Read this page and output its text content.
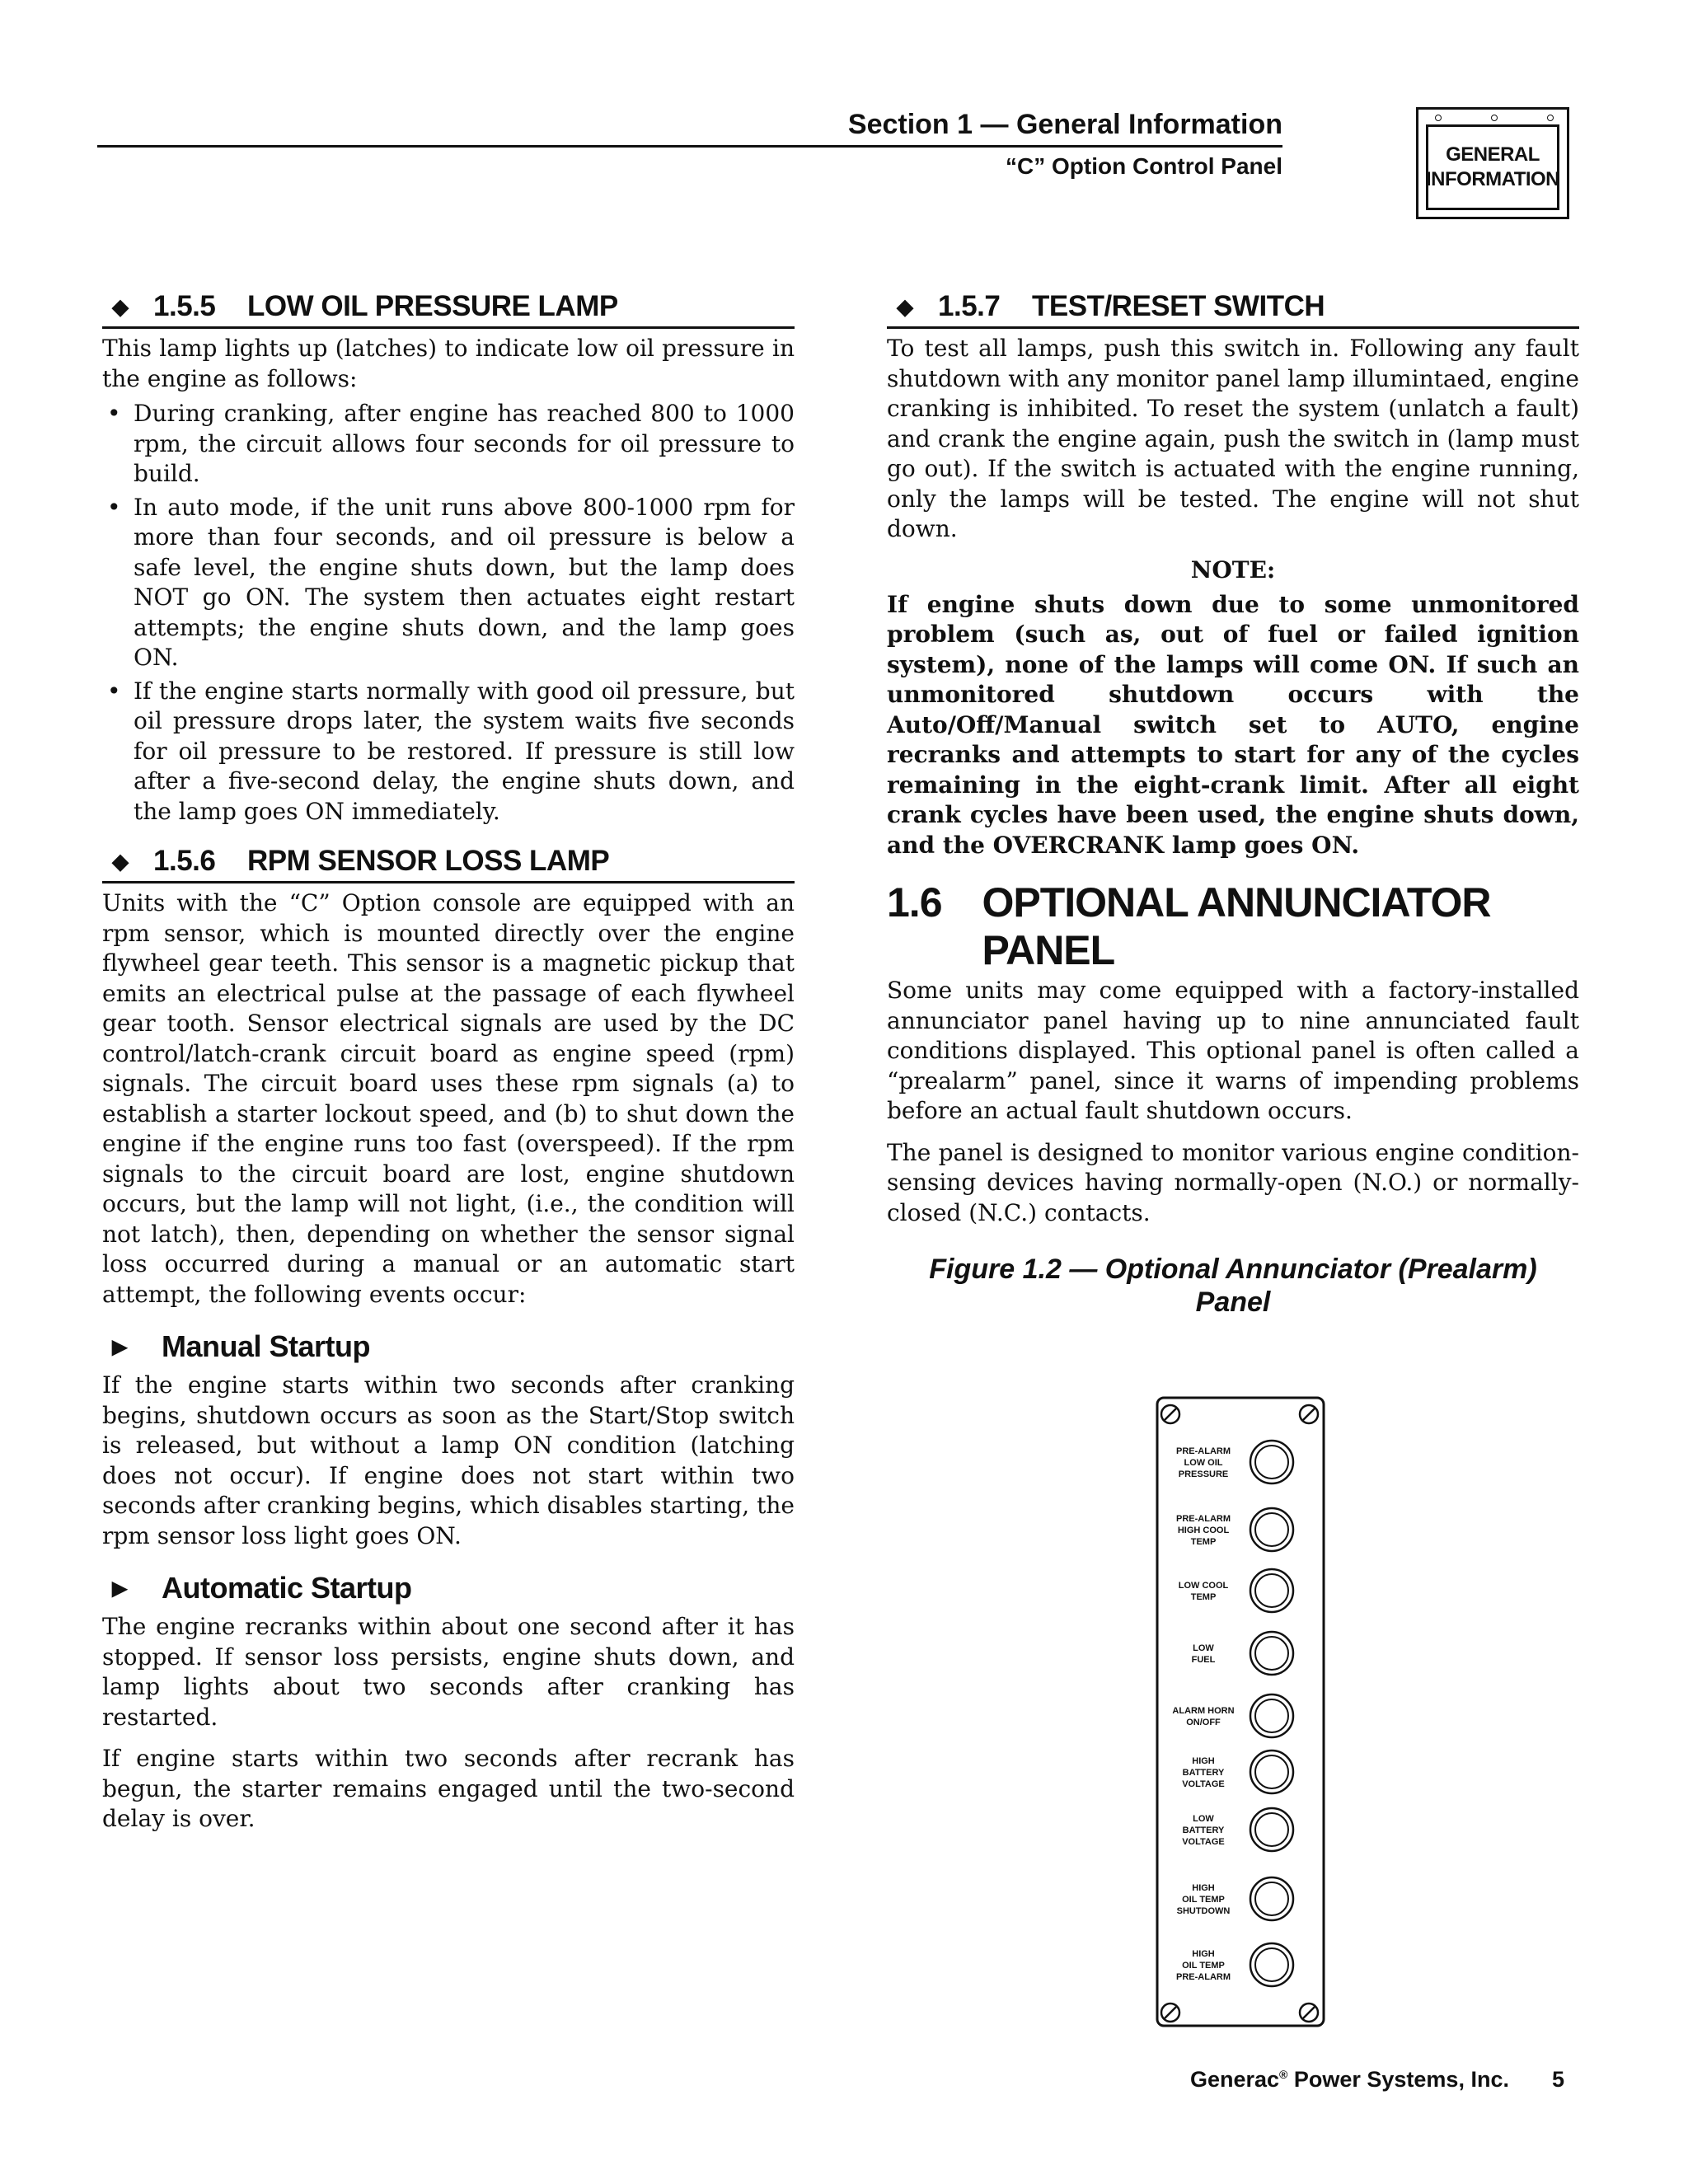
Section 1 — General Information
“C” Option Control Panel	GENERAL
INFORMATION
◆ 1.5.5	LOW OIL PRESSURE LAMP

This lamp lights up (latches) to indicate low oil pressure in the engine as follows:

• During cranking, after engine has reached 800 to 1000 rpm, the circuit allows four seconds for oil pressure to build.
• In auto mode, if the unit runs above 800-1000 rpm for more than four seconds, and oil pressure is below a safe level, the engine shuts down, but the lamp does NOT go ON. The system then actuates eight restart attempts; the engine shuts down, and the lamp goes ON.
• If the engine starts normally with good oil pressure, but oil pressure drops later, the system waits five seconds for oil pressure to be restored. If pressure is still low after a five-second delay, the engine shuts down, and the lamp goes ON immediately.
◆ 1.5.6	RPM SENSOR LOSS LAMP

Units with the “C” Option console are equipped with an rpm sensor, which is mounted directly over the engine flywheel gear teeth. This sensor is a magnetic pickup that emits an electrical pulse at the passage of each flywheel gear tooth. Sensor electrical signals are used by the DC control/latch-crank circuit board as engine speed (rpm) signals. The circuit board uses these rpm signals (a) to establish a starter lockout speed, and (b) to shut down the engine if the engine runs too fast (overspeed). If the rpm signals to the circuit board are lost, engine shutdown occurs, but the lamp will not light, (i.e., the condition will not latch), then, depending on whether the sensor signal loss occurred during a manual or an automatic start attempt, the following events occur:

▶	Manual Startup

If the engine starts within two seconds after cranking begins, shutdown occurs as soon as the Start/Stop switch is released, but without a lamp ON condition (latching does not occur). If engine does not start within two seconds after cranking begins, which disables starting, the rpm sensor loss light goes ON.

▶	Automatic Startup

The engine recranks within about one second after it has stopped. If sensor loss persists, engine shuts down, and lamp lights about two seconds after cranking has restarted.

If engine starts within two seconds after recrank has begun, the starter remains engaged until the two-second delay is over.

◆ 1.5.7	TEST/RESET SWITCH

To test all lamps, push this switch in. Following any fault shutdown with any monitor panel lamp illumintaed, engine cranking is inhibited. To reset the system (unlatch a fault) and crank the engine again, push the switch in (lamp must go out). If the switch is actuated with the engine running, only the lamps will be tested. The engine will not shut down.

NOTE:
If engine shuts down due to some unmonitored problem (such as, out of fuel or failed ignition system), none of the lamps will come ON. If such an unmonitored shutdown occurs with the Auto/Off/Manual switch set to AUTO, engine recranks and attempts to start for any of the cycles remaining in the eight-crank limit. After all eight crank cycles have been used, the engine shuts down, and the OVERCRANK lamp goes ON.
1.6 OPTIONAL ANNUNCIATOR PANEL

Some units may come equipped with a factory-installed annunciator panel having up to nine annunciated fault conditions displayed. This optional panel is often called a “prealarm” panel, since it warns of impending problems before an actual fault shutdown occurs.

The panel is designed to monitor various engine condition-sensing devices having normally-open (N.O.) or normally-closed (N.C.) contacts.

Figure 1.2 — Optional Annunciator (Prealarm)
Panel
PRE-ALARM
LOW OIL
PRESSURE
PRE-ALARM
HIGH COOL
TEMP
LOW COOL
TEMP
LOW
FUEL
ALARM HORN
ON/OFF
HIGH
BATTERY
VOLTAGE
LOW
BATTERY
VOLTAGE
HIGH
OIL TEMP
SHUTDOWN
HIGH
OIL TEMP
PRE-ALARM
Generac® Power Systems, Inc. 5
